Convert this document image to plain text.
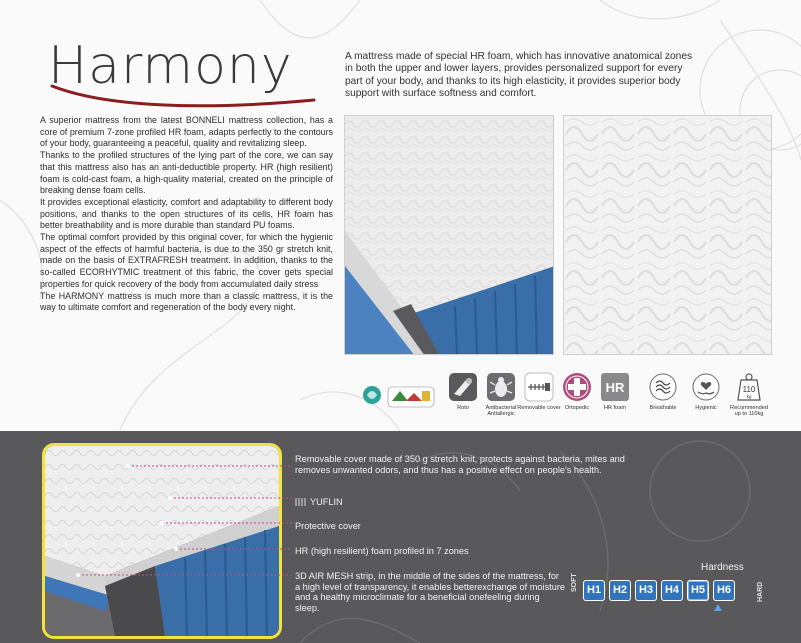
Harmony	A mattress made of special HR foam, which has innovative anatomical zones in both the upper and lower layers, provides personalized support for every part of your body, and thanks to its high elasticity, it provides superior body support with surface softness and comfort.

A superior mattress from the latest BONNELI mattress collection, has a core of premium 7-zone profiled HR foam, adapts perfectly to the contours of your body, guaranteeing a peaceful, quality and revitalizing sleep.

Thanks to the profiled structures of the lying part of the core, we can say that this mattress also has an anti-deductible property. HR (high resilient) foam is cold-cast foam, a high-quality material, created on the principle of breaking dense foam cells.

It provides exceptional elasticity, comfort and adaptability to different body positions, and thanks to the open structures of its cells, HR foam has better breathability and is more durable than standard PU foams.

The optimal comfort provided by this original cover, for which the hygienic aspect of the effects of harmful bacteria, is due to the 350 gr stretch knit, made on the basis of EXTRAFRESH treatment. In addition, thanks to the so-called ECORHYTMIC treatment of this fabric, the cover gets special properties for quick recovery of the body from accumulated daily stress

The HARMONY mattress is much more than a classic mattress, it is the way to ultimate comfort and regeneration of the body every night.

Roto	Antibacterial Antiallergic
Removable cover Ortopedic
HR
HR foam	Breathable	Hygienic
110
kg
Recommended up to 110kg
Removable cover made of 350 g stretch knit, protects against bacteria, mites and removes unwanted odors, and thus has a positive effect on people's health.
YUFLIN
Protective cover
HR (high resilient) foam profiled in 7 zones
3D AIR MESH strip, in the middle of the sides of the mattress, for a high level of transparency, it enables betterexchange of moisture and a healthy microclimate for a beneficial onefeeling during sleep.
Hardness
SOFT H1	H2	H3	H4	H5	H6	HARD
